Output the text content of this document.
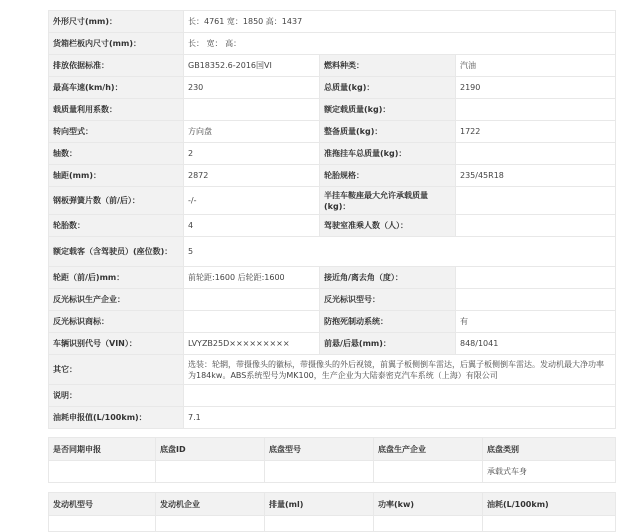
外形尺寸(mm)：	长：4761 宽：1850 高：1437		
货箱栏板内尺寸(mm)：	长： 宽： 高：		
排放依据标准：	GB18352.6-2016国VI	燃料种类：	汽油
最高车速(km/h)：	230	总质量(kg)：	2190
载质量利用系数：		额定载质量(kg)：	
转向型式：	方向盘	整备质量(kg)：	1722
轴数：	2	准拖挂车总质量(kg)：	
轴距(mm)：	2872	轮胎规格：	235/45R18
钢板弹簧片数（前/后）：	-/-	半挂车鞍座最大允许承载质量(kg)：	
轮胎数：	4	驾驶室准乘人数（人）：	
额定载客（含驾驶员）(座位数)：	5		
轮距（前/后)mm：	前轮距:1600 后轮距:1600	接近角/离去角（度）：	
反光标识生产企业：		反光标识型号：	
反光标识商标：		防抱死制动系统：	有
车辆识别代号（VIN）：	LVYZB25D×××××××××	前悬/后悬(mm)：	848/1041
其它：	选装：轮辋，带摄像头的徽标，带摄像头的外后视镜，前翼子板侧倒车雷达，后翼子板侧倒车雷达。发动机最大净功率为184kw。ABS系统型号为MK100，生产企业为大陆泰密克汽车系统（上海）有限公司		
说明：			
油耗申报值(L/100km)：	7.1		
是否同期申报	底盘ID	底盘型号	底盘生产企业	底盘类别
				承载式车身
发动机型号	发动机企业	排量(ml)	功率(kw)	油耗(L/100km)
